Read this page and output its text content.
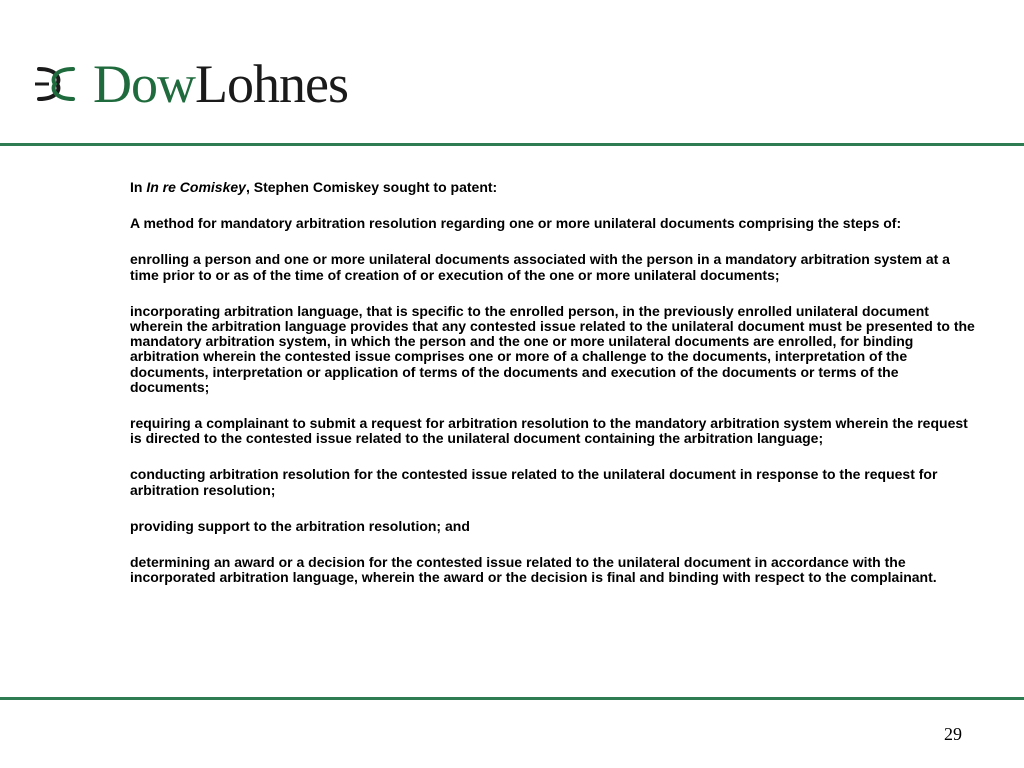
DowLohnes

In In re Comiskey, Stephen Comiskey sought to patent:

A method for mandatory arbitration resolution regarding one or more unilateral documents comprising the steps of:

enrolling a person and one or more unilateral documents associated with the person in a mandatory arbitration system at a time prior to or as of the time of creation of or execution of the one or more unilateral documents;

incorporating arbitration language, that is specific to the enrolled person, in the previously enrolled unilateral document wherein the arbitration language provides that any contested issue related to the unilateral document must be presented to the mandatory arbitration system, in which the person and the one or more unilateral documents are enrolled, for binding arbitration wherein the contested issue comprises one or more of a challenge to the documents, interpretation of the documents, interpretation or application of terms of the documents and execution of the documents or terms of the documents;

requiring a complainant to submit a request for arbitration resolution to the mandatory arbitration system wherein the request is directed to the contested issue related to the unilateral document containing the arbitration language;

conducting arbitration resolution for the contested issue related to the unilateral document in response to the request for arbitration resolution;

providing support to the arbitration resolution; and

determining an award or a decision for the contested issue related to the unilateral document in accordance with the incorporated arbitration language, wherein the award or the decision is final and binding with respect to the complainant.

29
